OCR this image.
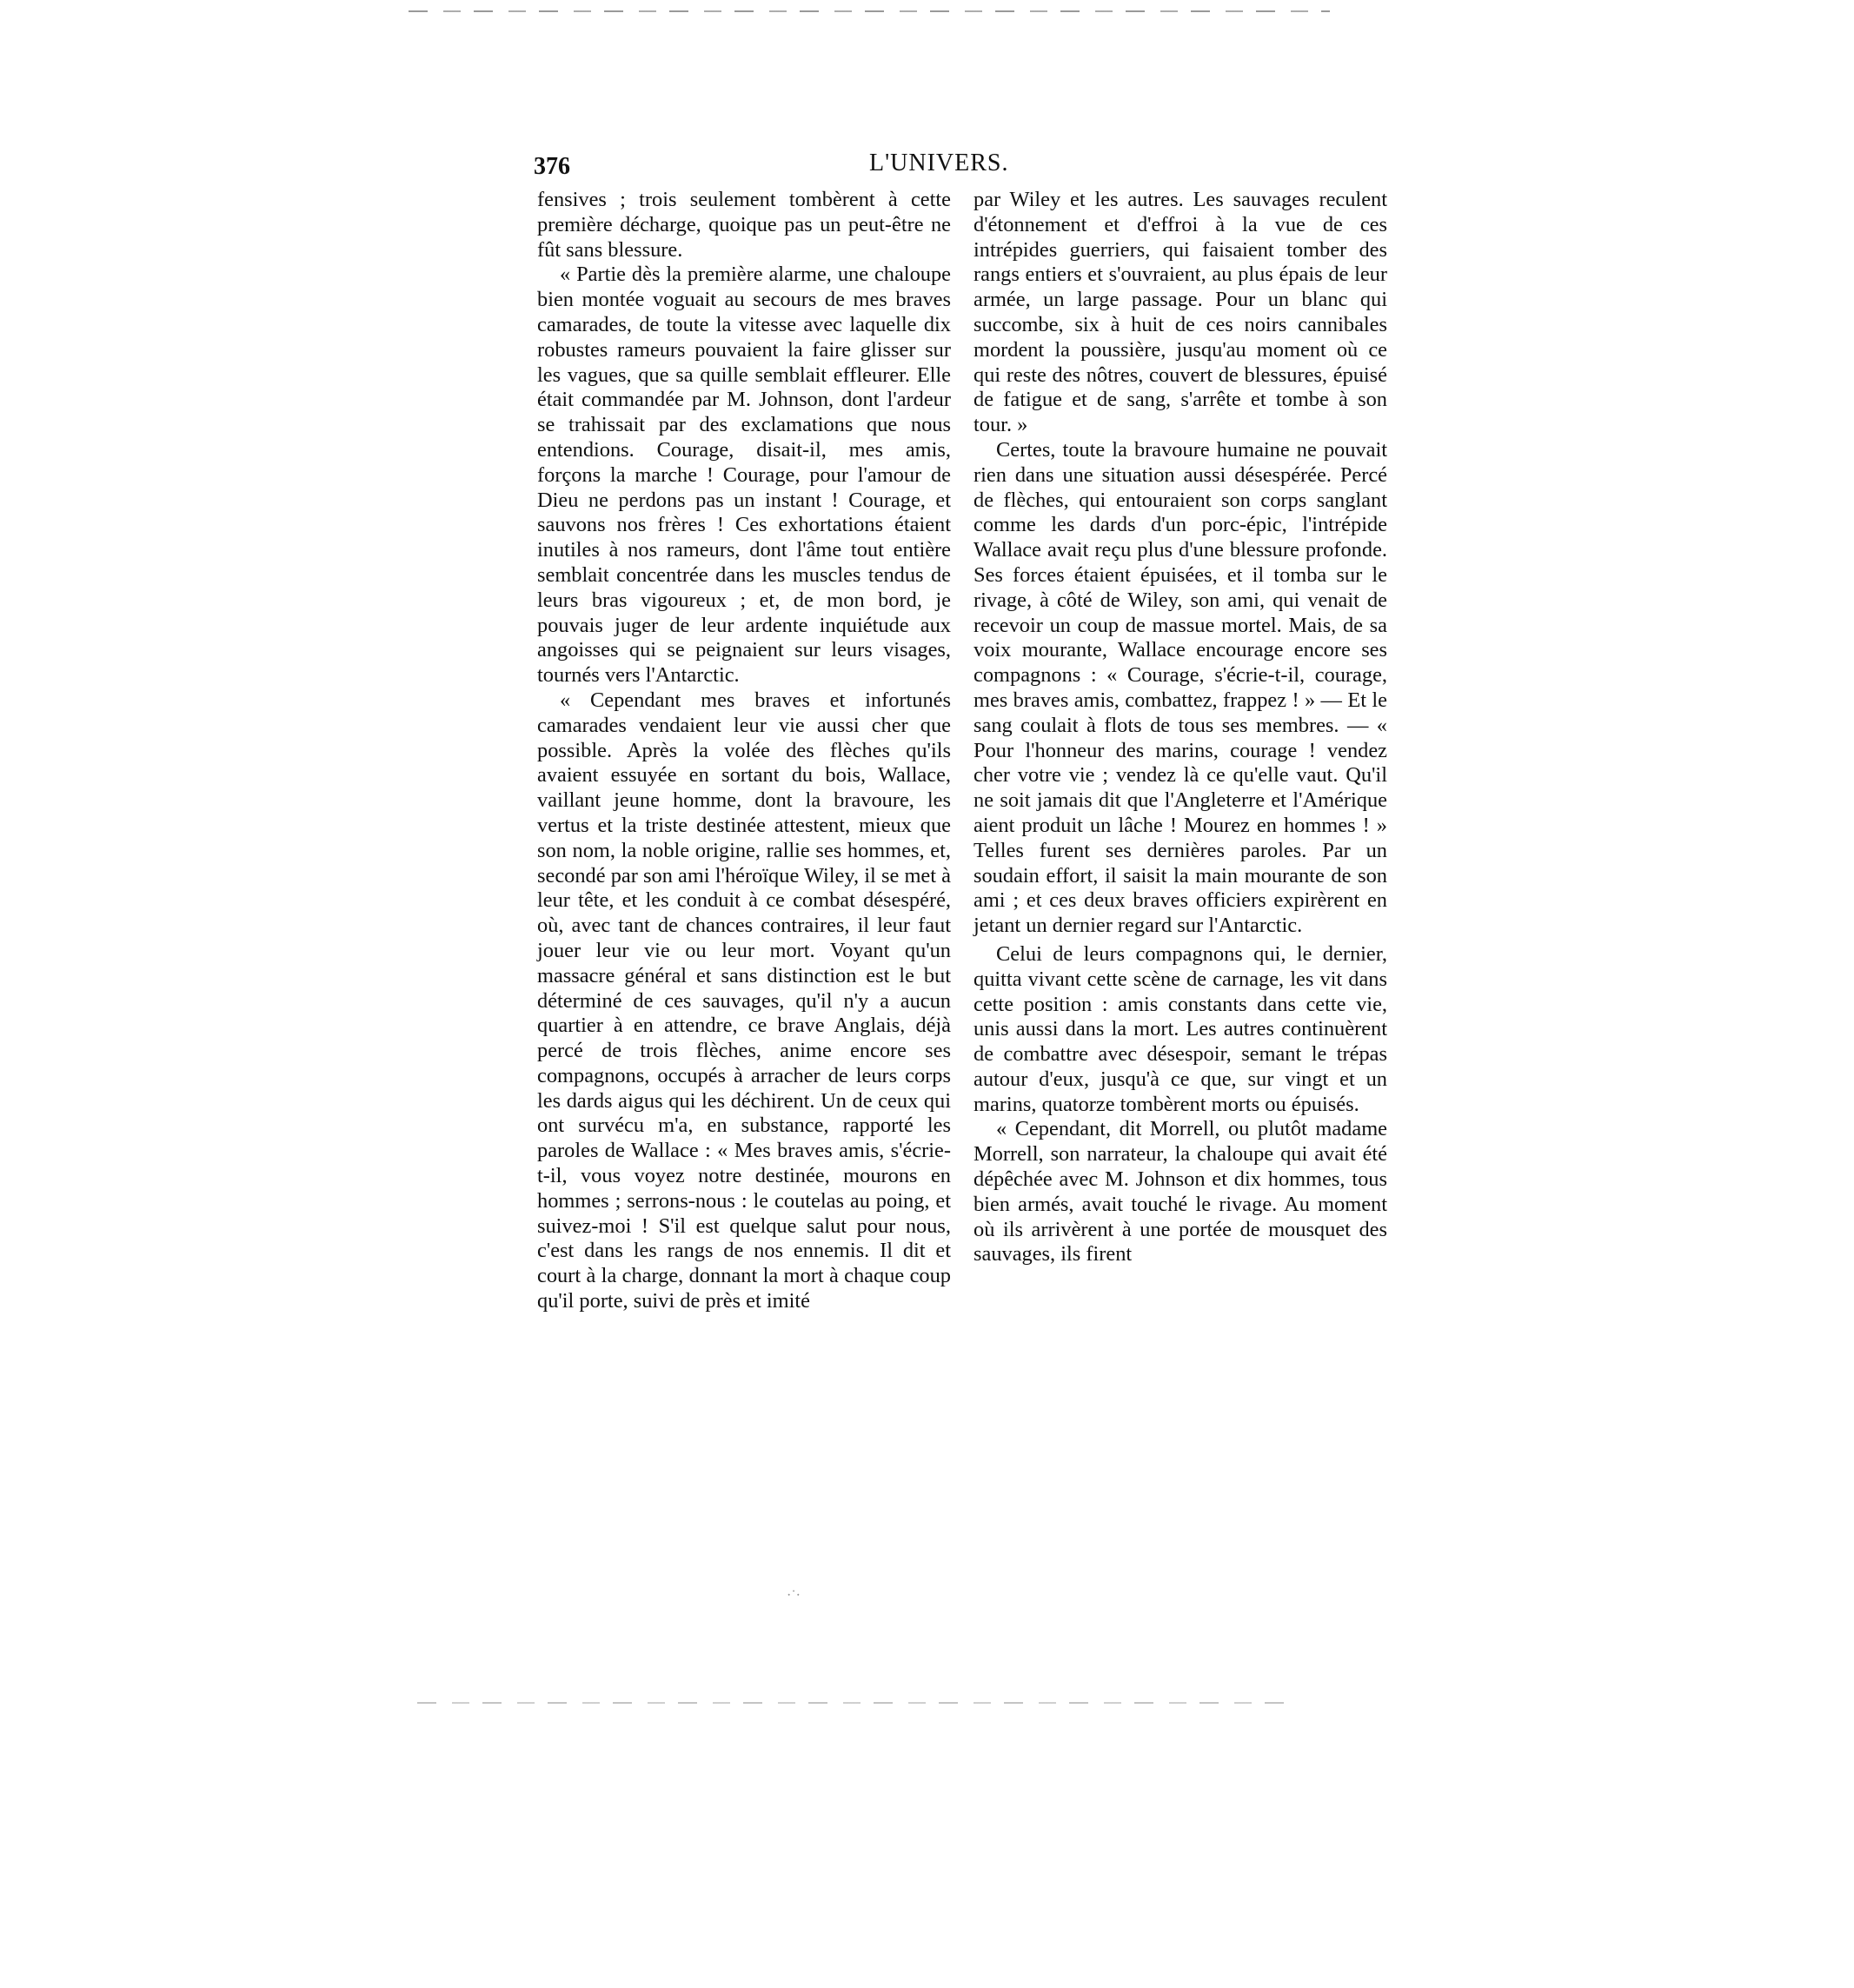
376	L'UNIVERS.

fensives ; trois seulement tombèrent à cette première décharge, quoique pas un peut-être ne fût sans blessure.

« Partie dès la première alarme, une chaloupe bien montée voguait au secours de mes braves camarades, de toute la vitesse avec laquelle dix robustes rameurs pouvaient la faire glisser sur les vagues, que sa quille semblait effleurer. Elle était commandée par M. Johnson, dont l'ardeur se trahissait par des exclamations que nous entendions. Courage, disait-il, mes amis, forçons la marche ! Courage, pour l'amour de Dieu ne perdons pas un instant ! Courage, et sauvons nos frères ! Ces exhortations étaient inutiles à nos rameurs, dont l'âme tout entière semblait concentrée dans les muscles tendus de leurs bras vigoureux ; et, de mon bord, je pouvais juger de leur ardente inquiétude aux angoisses qui se peignaient sur leurs visages, tournés vers l'Antarctic.

« Cependant mes braves et infortunés camarades vendaient leur vie aussi cher que possible. Après la volée des flèches qu'ils avaient essuyée en sortant du bois, Wallace, vaillant jeune homme, dont la bravoure, les vertus et la triste destinée attestent, mieux que son nom, la noble origine, rallie ses hommes, et, secondé par son ami l'héroïque Wiley, il se met à leur tête, et les conduit à ce combat désespéré, où, avec tant de chances contraires, il leur faut jouer leur vie ou leur mort. Voyant qu'un massacre général et sans distinction est le but déterminé de ces sauvages, qu'il n'y a aucun quartier à en attendre, ce brave Anglais, déjà percé de trois flèches, anime encore ses compagnons, occupés à arracher de leurs corps les dards aigus qui les déchirent. Un de ceux qui ont survécu m'a, en substance, rapporté les paroles de Wallace : « Mes braves amis, s'écrie-t-il, vous voyez notre destinée, mourons en hommes ; serrons-nous : le coutelas au poing, et suivez-moi ! S'il est quelque salut pour nous, c'est dans les rangs de nos ennemis. Il dit et court à la charge, donnant la mort à chaque coup qu'il porte, suivi de près et imité

par Wiley et les autres. Les sauvages reculent d'étonnement et d'effroi à la vue de ces intrépides guerriers, qui faisaient tomber des rangs entiers et s'ouvraient, au plus épais de leur armée, un large passage. Pour un blanc qui succombe, six à huit de ces noirs cannibales mordent la poussière, jusqu'au moment où ce qui reste des nôtres, couvert de blessures, épuisé de fatigue et de sang, s'arrête et tombe à son tour. »

Certes, toute la bravoure humaine ne pouvait rien dans une situation aussi désespérée. Percé de flèches, qui entouraient son corps sanglant comme les dards d'un porc-épic, l'intrépide Wallace avait reçu plus d'une blessure profonde. Ses forces étaient épuisées, et il tomba sur le rivage, à côté de Wiley, son ami, qui venait de recevoir un coup de massue mortel. Mais, de sa voix mourante, Wallace encourage encore ses compagnons : « Courage, s'écrie-t-il, courage, mes braves amis, combattez, frappez ! » — Et le sang coulait à flots de tous ses membres. — « Pour l'honneur des marins, courage ! vendez cher votre vie ; vendez là ce qu'elle vaut. Qu'il ne soit jamais dit que l'Angleterre et l'Amérique aient produit un lâche ! Mourez en hommes ! » Telles furent ses dernières paroles. Par un soudain effort, il saisit la main mourante de son ami ; et ces deux braves officiers expirèrent en jetant un dernier regard sur l'Antarctic.

Celui de leurs compagnons qui, le dernier, quitta vivant cette scène de carnage, les vit dans cette position : amis constants dans cette vie, unis aussi dans la mort. Les autres continuèrent de combattre avec désespoir, semant le trépas autour d'eux, jusqu'à ce que, sur vingt et un marins, quatorze tombèrent morts ou épuisés.

« Cependant, dit Morrell, ou plutôt madame Morrell, son narrateur, la chaloupe qui avait été dépêchée avec M. Johnson et dix hommes, tous bien armés, avait touché le rivage. Au moment où ils arrivèrent à une portée de mousquet des sauvages, ils firent

·˙·
